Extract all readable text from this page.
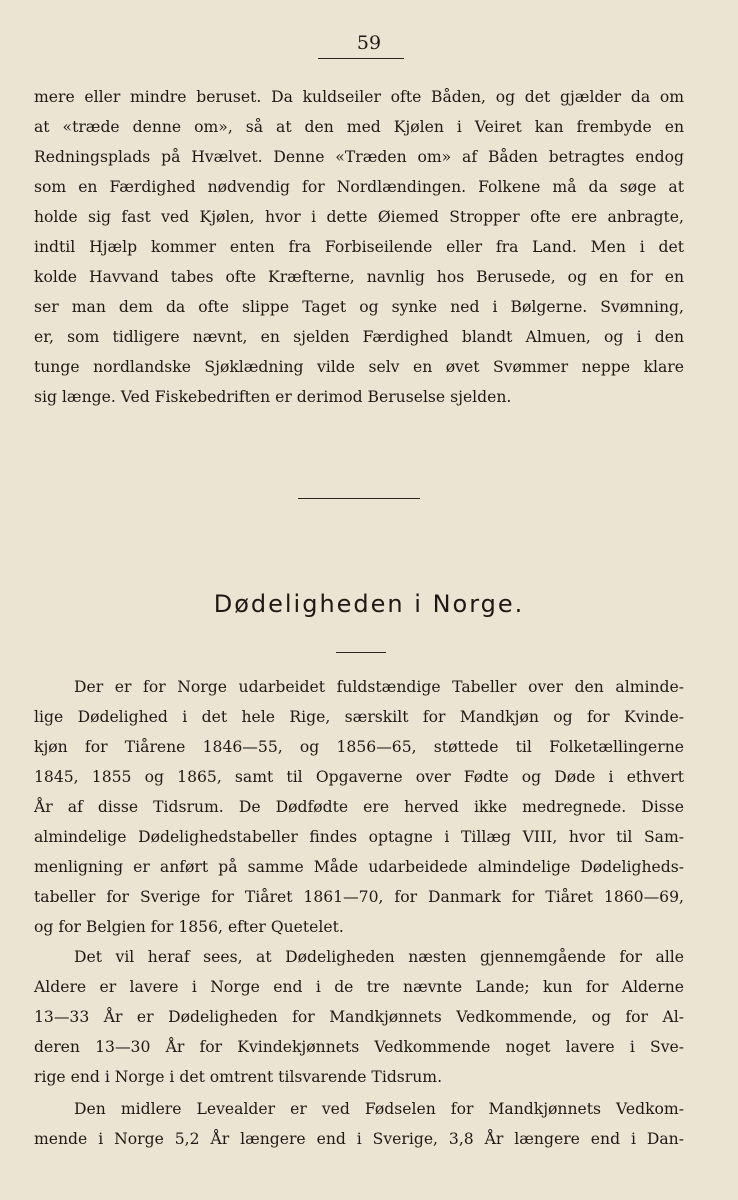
59
mere eller mindre beruset. Da kuldseiler ofte Båden, og det gjælder da om
at «træde denne om», så at den med Kjølen i Veiret kan frembyde en
Redningsplads på Hvælvet. Denne «Træden om» af Båden betragtes endog
som en Færdighed nødvendig for Nordlændingen. Folkene må da søge at
holde sig fast ved Kjølen, hvor i dette Øiemed Stropper ofte ere anbragte,
indtil Hjælp kommer enten fra Forbiseilende eller fra Land. Men i det
kolde Havvand tabes ofte Kræfterne, navnlig hos Berusede, og en for en
ser man dem da ofte slippe Taget og synke ned i Bølgerne. Svømning,
er, som tidligere nævnt, en sjelden Færdighed blandt Almuen, og i den
tunge nordlandske Sjøklædning vilde selv en øvet Svømmer neppe klare
sig længe. Ved Fiskebedriften er derimod Beruselse sjelden.
Dødeligheden i Norge.
Der er for Norge udarbeidet fuldstændige Tabeller over den alminde-
lige Dødelighed i det hele Rige, særskilt for Mandkjøn og for Kvinde-
kjøn for Tiårene 1846—55, og 1856—65, støttede til Folketællingerne
1845, 1855 og 1865, samt til Opgaverne over Fødte og Døde i ethvert
År af disse Tidsrum. De Dødfødte ere herved ikke medregnede. Disse
almindelige Dødelighedstabeller findes optagne i Tillæg VIII, hvor til Sam-
menligning er anført på samme Måde udarbeidede almindelige Dødeligheds-
tabeller for Sverige for Tiåret 1861—70, for Danmark for Tiåret 1860—69,
og for Belgien for 1856, efter Quetelet.
Det vil heraf sees, at Dødeligheden næsten gjennemgående for alle
Aldere er lavere i Norge end i de tre nævnte Lande; kun for Alderne
13—33 År er Dødeligheden for Mandkjønnets Vedkommende, og for Al-
deren 13—30 År for Kvindekjønnets Vedkommende noget lavere i Sve-
rige end i Norge i det omtrent tilsvarende Tidsrum.
Den midlere Levealder er ved Fødselen for Mandkjønnets Vedkom-
mende i Norge 5,2 År længere end i Sverige, 3,8 År længere end i Dan-
